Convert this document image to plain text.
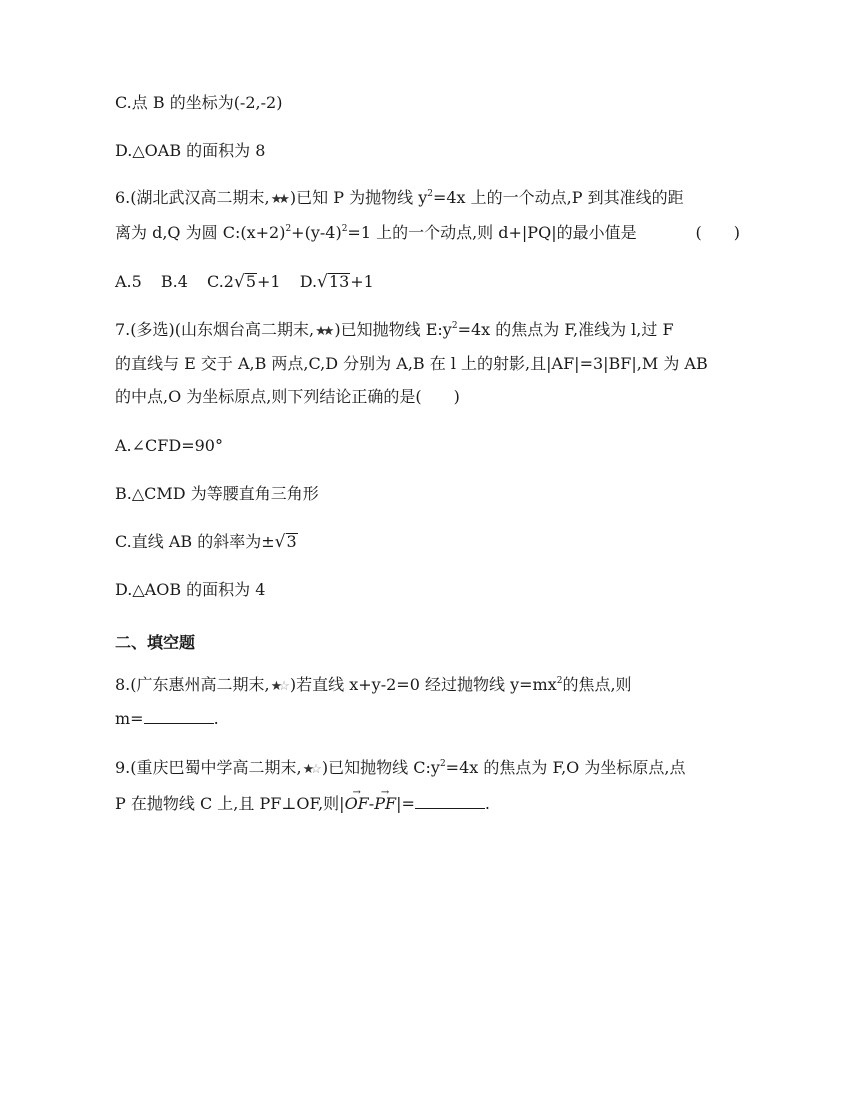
C.点 B 的坐标为(-2,-2)
D.△OAB 的面积为 8
6.(湖北武汉高二期末,★★ )已知 P 为抛物线 $y^2=4x$ 上的一个动点,P 到其准线的距
离为 d,Q 为圆 $C:(x+2)^2+(y-4)^2=1$ 上的一个动点,则 d+|PQ|的最小值是	(　　)
A.5 B.4 C.2√5+1 D.√13+1
7.(多选)(山东烟台高二期末,★★ )已知抛物线 $E:y^2=4x$ 的焦点为 F,准线为 l,过 F
的直线与 E 交于 A,B 两点,C,D 分别为 A,B 在 l 上的射影,且|AF|=3|BF|,M 为 AB
的中点,O 为坐标原点,则下列结论正确的是(　　)
A.∠CFD=90°
B.△CMD 为等腰直角三角形
C.直线 AB 的斜率为±√3
D.△AOB 的面积为 4
二、填空题
8.(广东惠州高二期末,★☆ )若直线 x+y-2=0 经过抛物线 $y=mx^2$的焦点,则
m=	.
9.(重庆巴蜀中学高二期末,★☆ )已知抛物线 $C:y^2=4x$ 的焦点为 F,O 为坐标原点,点
P 在抛物线 C 上,且 PF⊥OF,则|→ OF-→ PF|=	.
